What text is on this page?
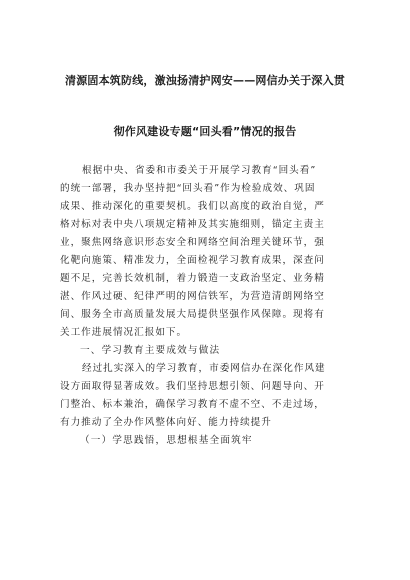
清源固本筑防线，激浊扬清护网安——网信办关于深入贯
彻作风建设专题“回头看”情况的报告
根据中央、省委和市委关于开展学习教育“回头看”
的统一部署，我办坚持把“回头看”作为检验成效、巩固
成果、推动深化的重要契机。我们以高度的政治自觉，严
格对标对表中央八项规定精神及其实施细则，锚定主责主
业，聚焦网络意识形态安全和网络空间治理关键环节，强
化靶向施策、精准发力，全面检视学习教育成果，深查问
题不足，完善长效机制，着力锻造一支政治坚定、业务精
湛、作风过硬、纪律严明的网信铁军，为营造清朗网络空
间、服务全市高质量发展大局提供坚强作风保障。现将有
关工作进展情况汇报如下。
一、学习教育主要成效与做法
经过扎实深入的学习教育，市委网信办在深化作风建
设方面取得显著成效。我们坚持思想引领、问题导向、开
门整治、标本兼治，确保学习教育不虚不空、不走过场，
有力推动了全办作风整体向好、能力持续提升
（一）学思践悟，思想根基全面筑牢
